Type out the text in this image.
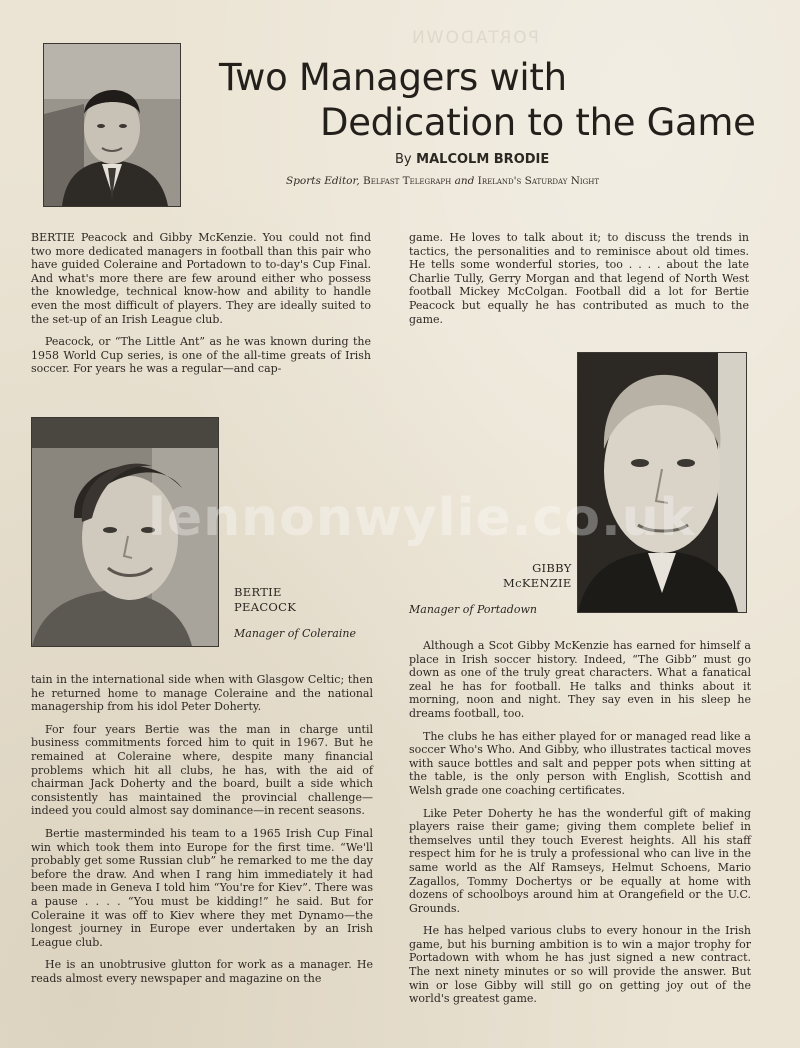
PORTADOWN
Two Managers with
Dedication to the Game

By MALCOLM BRODIE

Sports Editor, Belfast Telegraph and Ireland's Saturday Night

BERTIE Peacock and Gibby McKenzie. You could not find two more dedicated managers in football than this pair who have guided Coleraine and Portadown to to-day's Cup Final. And what's more there are few around either who possess the knowledge, technical know-how and ability to handle even the most difficult of players. They are ideally suited to the set-up of an Irish League club.

Peacock, or “The Little Ant” as he was known during the 1958 World Cup series, is one of the all-time greats of Irish soccer. For years he was a regular—and cap-

game. He loves to talk about it; to discuss the trends in tactics, the personalities and to reminisce about old times. He tells some wonderful stories, too . . . . about the late Charlie Tully, Gerry Morgan and that legend of North West football Mickey McColgan. Football did a lot for Bertie Peacock but equally he has contributed as much to the game.

BERTIE
PEACOCK

Manager of Coleraine

GIBBY
McKENZIE

Manager of Portadown

lennonwylie.co.uk

tain in the international side when with Glasgow Celtic; then he returned home to manage Coleraine and the national managership from his idol Peter Doherty.

For four years Bertie was the man in charge until business commitments forced him to quit in 1967. But he remained at Coleraine where, despite many financial problems which hit all clubs, he has, with the aid of chairman Jack Doherty and the board, built a side which consistently has maintained the provincial challenge—indeed you could almost say dominance—in recent seasons.

Bertie masterminded his team to a 1965 Irish Cup Final win which took them into Europe for the first time. “We'll probably get some Russian club” he remarked to me the day before the draw. And when I rang him immediately it had been made in Geneva I told him “You're for Kiev”. There was a pause . . . . “You must be kidding!” he said. But for Coleraine it was off to Kiev where they met Dynamo—the longest journey in Europe ever undertaken by an Irish League club.

He is an unobtrusive glutton for work as a manager. He reads almost every newspaper and magazine on the

Although a Scot Gibby McKenzie has earned for himself a place in Irish soccer history. Indeed, “The Gibb” must go down as one of the truly great characters. What a fanatical zeal he has for football. He talks and thinks about it morning, noon and night. They say even in his sleep he dreams football, too.

The clubs he has either played for or managed read like a soccer Who's Who. And Gibby, who illustrates tactical moves with sauce bottles and salt and pepper pots when sitting at the table, is the only person with English, Scottish and Welsh grade one coaching certificates.

Like Peter Doherty he has the wonderful gift of making players raise their game; giving them complete belief in themselves until they touch Everest heights. All his staff respect him for he is truly a professional who can live in the same world as the Alf Ramseys, Helmut Schoens, Mario Zagallos, Tommy Dochertys or be equally at home with dozens of schoolboys around him at Orangefield or the U.C. Grounds.

He has helped various clubs to every honour in the Irish game, but his burning ambition is to win a major trophy for Portadown with whom he has just signed a new contract. The next ninety minutes or so will provide the answer. But win or lose Gibby will still go on getting joy out of the world's greatest game.
